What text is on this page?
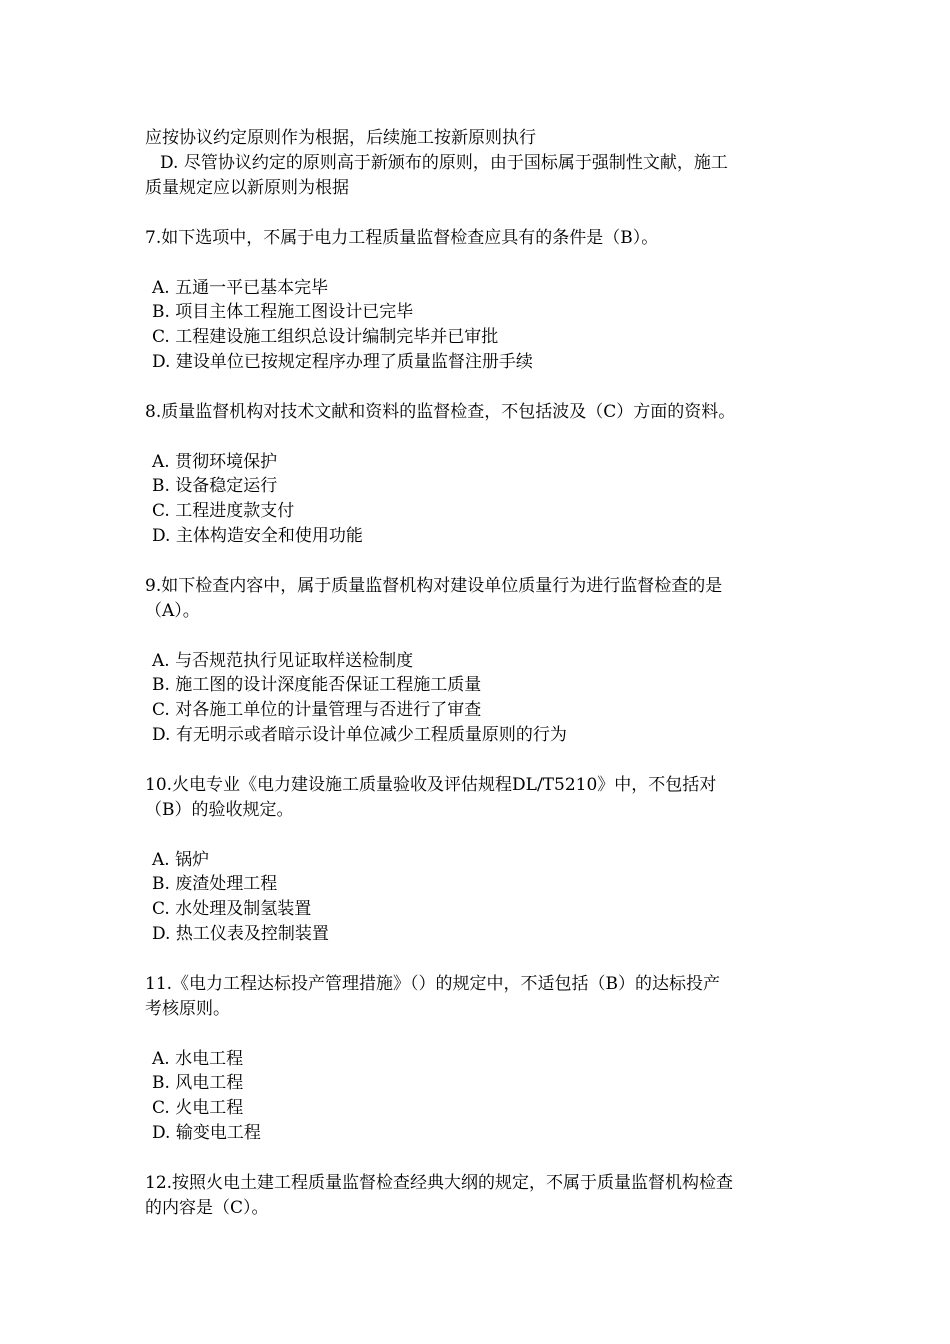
应按协议约定原则作为根据，后续施工按新原则执行
D. 尽管协议约定的原则高于新颁布的原则，由于国标属于强制性文献，施工
质量规定应以新原则为根据
7.如下选项中，不属于电力工程质量监督检查应具有的条件是（B）。
A. 五通一平已基本完毕
B. 项目主体工程施工图设计已完毕
C. 工程建设施工组织总设计编制完毕并已审批
D. 建设单位已按规定程序办理了质量监督注册手续
8.质量监督机构对技术文献和资料的监督检查，不包括波及（C）方面的资料。
A. 贯彻环境保护
B. 设备稳定运行
C. 工程进度款支付
D. 主体构造安全和使用功能
9.如下检查内容中，属于质量监督机构对建设单位质量行为进行监督检查的是
（A）。
A. 与否规范执行见证取样送检制度
B. 施工图的设计深度能否保证工程施工质量
C. 对各施工单位的计量管理与否进行了审查
D. 有无明示或者暗示设计单位减少工程质量原则的行为
10.火电专业《电力建设施工质量验收及评估规程DL/T5210》中，不包括对
（B）的验收规定。
A. 锅炉
B. 废渣处理工程
C. 水处理及制氢装置
D. 热工仪表及控制装置
11.《电力工程达标投产管理措施》（）的规定中，不适包括（B）的达标投产
考核原则。
A. 水电工程
B. 风电工程
C. 火电工程
D. 输变电工程
12.按照火电土建工程质量监督检查经典大纲的规定，不属于质量监督机构检查
的内容是（C）。
